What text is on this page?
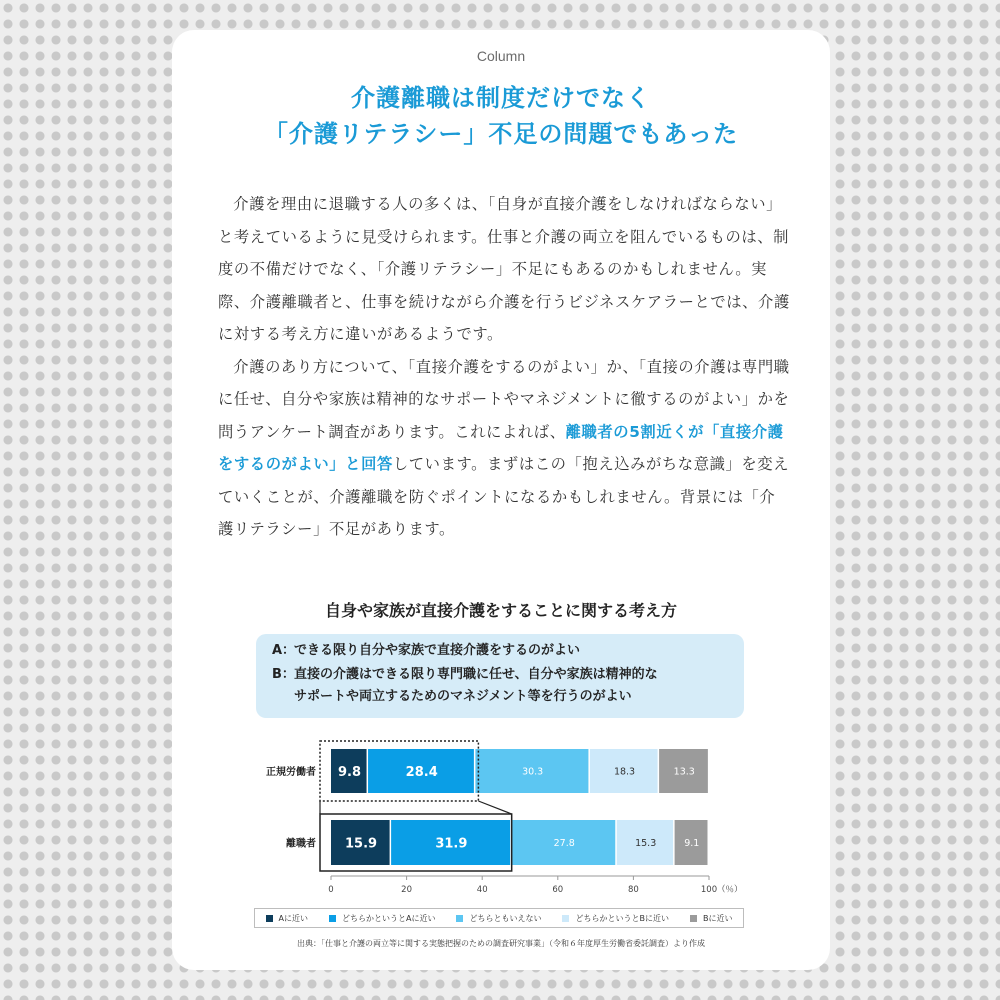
Column
介護離職は制度だけでなく
「介護リテラシー」不足の問題でもあった

介護を理由に退職する人の多くは、「自身が直接介護をしなければならない」と考えているように見受けられます。仕事と介護の両立を阻んでいるものは、制度の不備だけでなく、「介護リテラシー」不足にもあるのかもしれません。実際、介護離職者と、仕事を続けながら介護を行うビジネスケアラーとでは、介護に対する考え方に違いがあるようです。

介護のあり方について、「直接介護をするのがよい」か、「直接の介護は専門職に任せ、自分や家族は精神的なサポートやマネジメントに徹するのがよい」かを問うアンケート調査があります。これによれば、離職者の5割近くが「直接介護をするのがよい」と回答しています。まずはこの「抱え込みがちな意識」を変えていくことが、介護離職を防ぐポイントになるかもしれません。背景には「介護リテラシー」不足があります。

自身や家族が直接介護をすることに関する考え方
A：できる限り自分や家族で直接介護をするのがよい
B：直接の介護はできる限り専門職に任せ、自分や家族は精神的な
サポートや両立するためのマネジメント等を行うのがよい
9.8	28.4	30.3	18.3	13.3
正規労働者
15.9	31.9	27.8	15.3	9.1
離職者
0	20	40	60	80	100 （％）
Aに近い	どちらかというとAに近い	どちらともいえない	どちらかというとBに近い	Bに近い
出典：「仕事と介護の両立等に関する実態把握のための調査研究事業」（令和６年度厚生労働省委託調査）より作成
